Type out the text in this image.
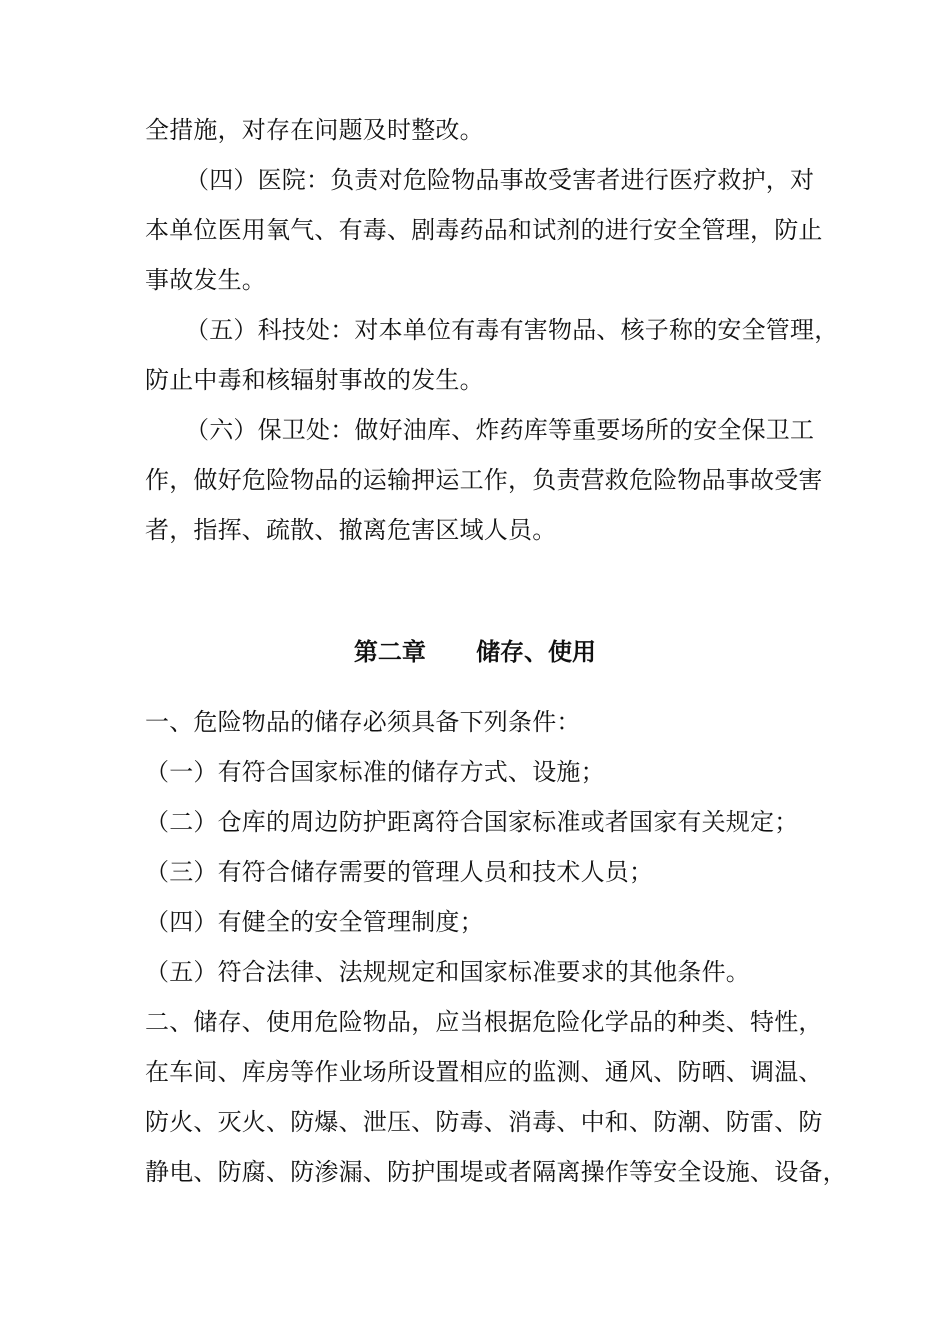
全措施，对存在问题及时整改。
（四）医院：负责对危险物品事故受害者进行医疗救护，对
本单位医用氧气、有毒、剧毒药品和试剂的进行安全管理，防止
事故发生。
（五）科技处：对本单位有毒有害物品、核子称的安全管理，
防止中毒和核辐射事故的发生。
（六）保卫处：做好油库、炸药库等重要场所的安全保卫工
作，做好危险物品的运输押运工作，负责营救危险物品事故受害
者，指挥、疏散、撤离危害区域人员。
第二章 储存、使用
一、危险物品的储存必须具备下列条件：
（一）有符合国家标准的储存方式、设施；
（二）仓库的周边防护距离符合国家标准或者国家有关规定；
（三）有符合储存需要的管理人员和技术人员；
（四）有健全的安全管理制度；
（五）符合法律、法规规定和国家标准要求的其他条件。
二、储存、使用危险物品，应当根据危险化学品的种类、特性，
在车间、库房等作业场所设置相应的监测、通风、防晒、调温、
防火、灭火、防爆、泄压、防毒、消毒、中和、防潮、防雷、防
静电、防腐、防渗漏、防护围堤或者隔离操作等安全设施、设备，
